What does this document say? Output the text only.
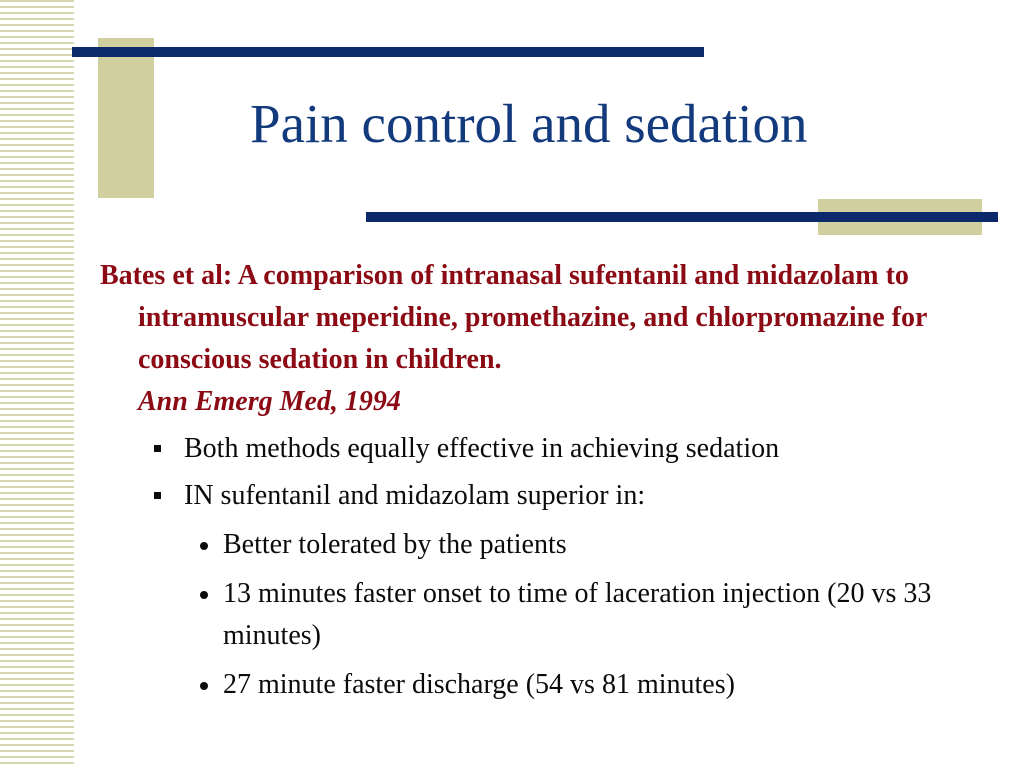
Pain control and sedation

Bates et al: A comparison of intranasal sufentanil and midazolam to intramuscular meperidine, promethazine, and chlorpromazine for conscious sedation in children.
Ann Emerg Med, 1994

Both methods equally effective in achieving sedation
IN sufentanil and midazolam superior in:
Better tolerated by the patients
13 minutes faster onset to time of laceration injection (20 vs 33 minutes)
27 minute faster discharge (54 vs 81 minutes)
